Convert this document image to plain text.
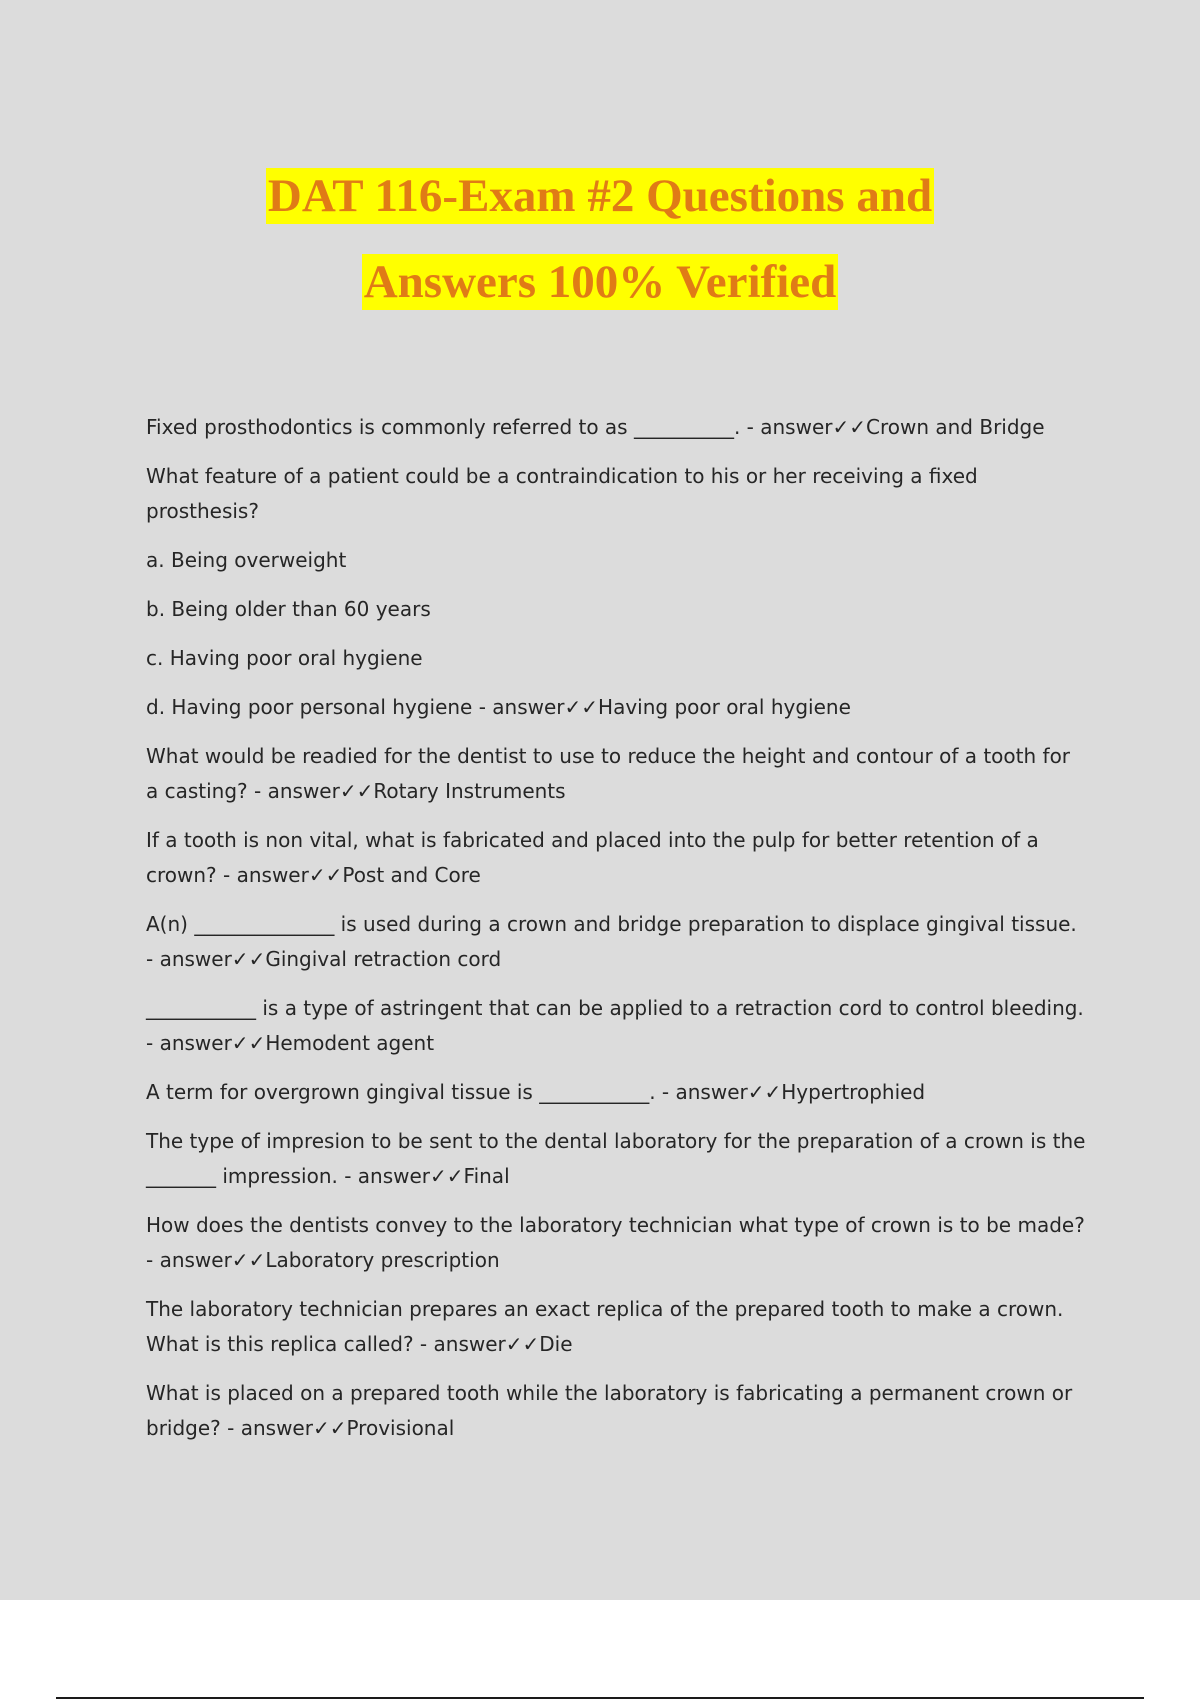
DAT 116-Exam #2 Questions and
Answers 100% Verified

Fixed prosthodontics is commonly referred to as __________. - answer✓✓Crown and Bridge

What feature of a patient could be a contraindication to his or her receiving a fixed prosthesis?

a. Being overweight

b. Being older than 60 years

c. Having poor oral hygiene

d. Having poor personal hygiene - answer✓✓Having poor oral hygiene

What would be readied for the dentist to use to reduce the height and contour of a tooth for a casting? - answer✓✓Rotary Instruments

If a tooth is non vital, what is fabricated and placed into the pulp for better retention of a crown? - answer✓✓Post and Core

A(n) ______________ is used during a crown and bridge preparation to displace gingival tissue. - answer✓✓Gingival retraction cord

___________ is a type of astringent that can be applied to a retraction cord to control bleeding. - answer✓✓Hemodent agent

A term for overgrown gingival tissue is ___________. - answer✓✓Hypertrophied

The type of impresion to be sent to the dental laboratory for the preparation of a crown is the _______ impression. - answer✓✓Final

How does the dentists convey to the laboratory technician what type of crown is to be made? - answer✓✓Laboratory prescription

The laboratory technician prepares an exact replica of the prepared tooth to make a crown. What is this replica called? - answer✓✓Die

What is placed on a prepared tooth while the laboratory is fabricating a permanent crown or bridge? - answer✓✓Provisional
